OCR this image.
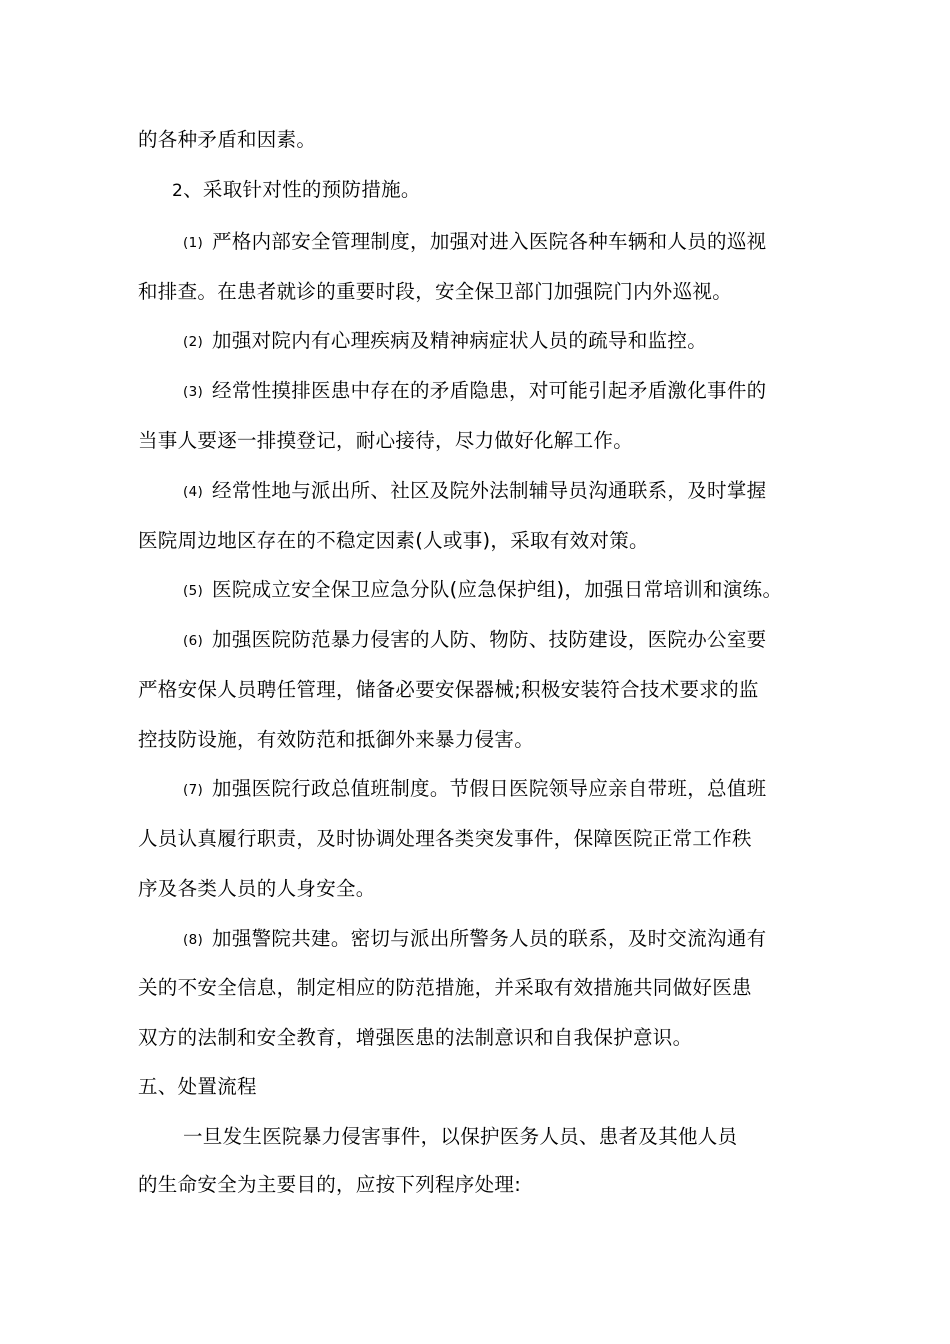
的各种矛盾和因素。
2、采取针对性的预防措施。
(1) 严格内部安全管理制度，加强对进入医院各种车辆和人员的巡视
和排查。在患者就诊的重要时段，安全保卫部门加强院门内外巡视。
(2) 加强对院内有心理疾病及精神病症状人员的疏导和监控。
(3) 经常性摸排医患中存在的矛盾隐患，对可能引起矛盾激化事件的
当事人要逐一排摸登记，耐心接待，尽力做好化解工作。
(4) 经常性地与派出所、社区及院外法制辅导员沟通联系，及时掌握
医院周边地区存在的不稳定因素(人或事)，采取有效对策。
(5) 医院成立安全保卫应急分队(应急保护组)，加强日常培训和演练。
(6) 加强医院防范暴力侵害的人防、物防、技防建设，医院办公室要
严格安保人员聘任管理，储备必要安保器械;积极安装符合技术要求的监
控技防设施，有效防范和抵御外来暴力侵害。
(7) 加强医院行政总值班制度。节假日医院领导应亲自带班，总值班
人员认真履行职责，及时协调处理各类突发事件，保障医院正常工作秩
序及各类人员的人身安全。
(8) 加强警院共建。密切与派出所警务人员的联系，及时交流沟通有
关的不安全信息，制定相应的防范措施，并采取有效措施共同做好医患
双方的法制和安全教育，增强医患的法制意识和自我保护意识。
五、处置流程
一旦发生医院暴力侵害事件，以保护医务人员、患者及其他人员
的生命安全为主要目的，应按下列程序处理:
